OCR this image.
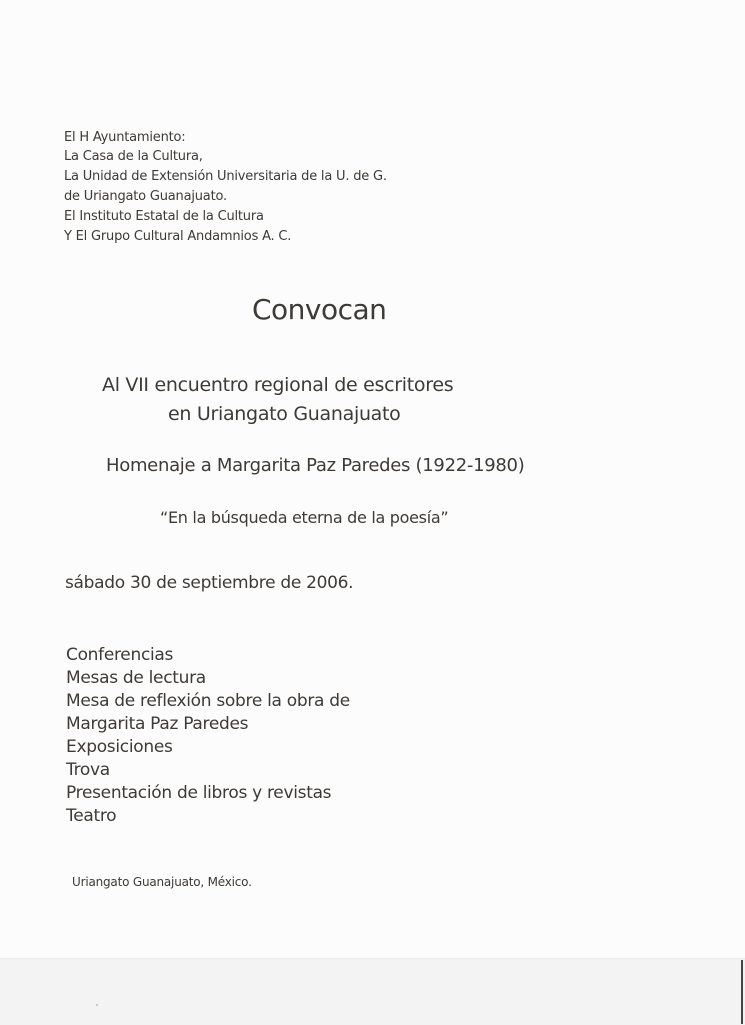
El H Ayuntamiento:
La Casa de la Cultura,
La Unidad de Extensión Universitaria de la U. de G.
de Uriangato Guanajuato.
El Instituto Estatal de la Cultura
Y El Grupo Cultural Andamnios A. C.
Convocan
Al VII encuentro regional de escritores
en Uriangato Guanajuato
Homenaje a Margarita Paz Paredes (1922-1980)
“En la búsqueda eterna de la poesía”
sábado 30 de septiembre de 2006.
Conferencias
Mesas de lectura
Mesa de reflexión sobre la obra de
Margarita Paz Paredes
Exposiciones
Trova
Presentación de libros y revistas
Teatro
Uriangato Guanajuato, México.
